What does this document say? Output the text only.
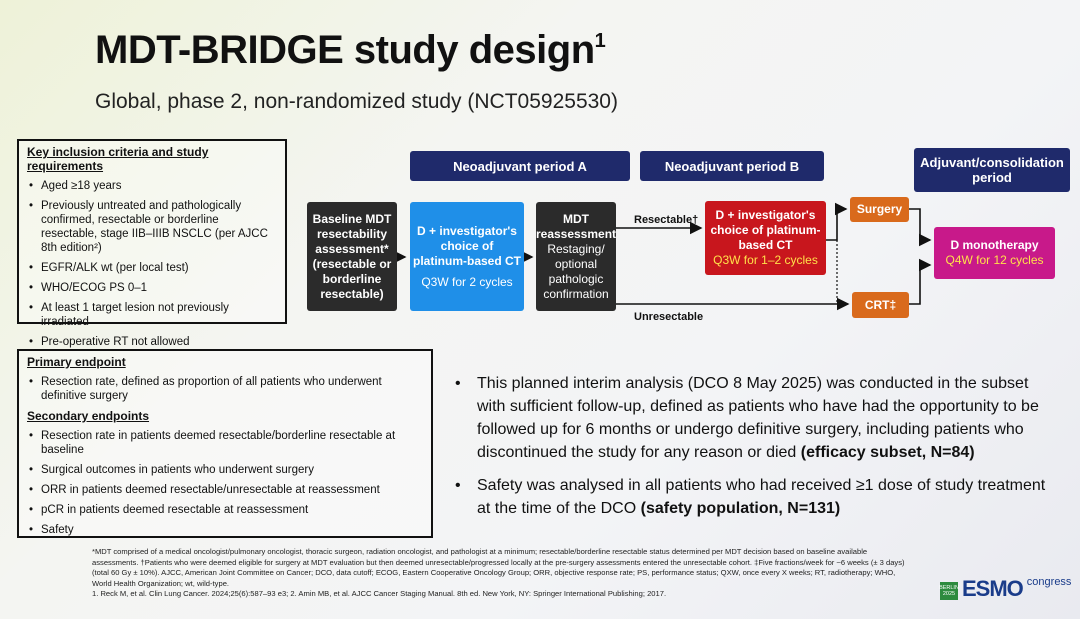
MDT-BRIDGE study design$^1$
Global, phase 2, non-randomized study (NCT05925530)
Key inclusion criteria and study requirements
• Aged ≥18 years
• Previously untreated and pathologically confirmed, resectable or borderline resectable, stage IIB–IIIB NSCLC (per AJCC 8th edition²)
• EGFR/ALK wt (per local test)
• WHO/ECOG PS 0–1
• At least 1 target lesion not previously irradiated
• Pre-operative RT not allowed
Primary endpoint
• Resection rate, defined as proportion of all patients who underwent definitive surgery
Secondary endpoints
• Resection rate in patients deemed resectable/borderline resectable at baseline
• Surgical outcomes in patients who underwent surgery
• ORR in patients deemed resectable/unresectable at reassessment
• pCR in patients deemed resectable at reassessment
• Safety
Neoadjuvant period A	Neoadjuvant period B	Adjuvant/consolidation period
Baseline MDT resectability assessment* (resectable or borderline resectable)
D + investigator's choice of platinum-based CT
Q3W for 2 cycles
MDT reassessment
Restaging/ optional pathologic confirmation
Resectable†
Unresectable
D + investigator's choice of platinum-based CT
Q3W for 1–2 cycles
Surgery
CRT‡
D monotherapy
Q4W for 12 cycles
• This planned interim analysis (DCO 8 May 2025) was conducted in the subset with sufficient follow-up, defined as patients who have had the opportunity to be followed up for 6 months or undergo definitive surgery, including patients who discontinued the study for any reason or died (efficacy subset, N=84)
• Safety was analysed in all patients who had received ≥1 dose of study treatment at the time of the DCO (safety population, N=131)
*MDT comprised of a medical oncologist/pulmonary oncologist, thoracic surgeon, radiation oncologist, and pathologist at a minimum; resectable/borderline resectable status determined per MDT decision based on baseline available assessments. †Patients who were deemed eligible for surgery at MDT evaluation but then deemed unresectable/progressed locally at the pre-surgery assessments entered the unresectable cohort. ‡Five fractions/week for ~6 weeks (± 3 days) (total 60 Gy ± 10%). AJCC, American Joint Committee on Cancer; DCO, data cutoff; ECOG, Eastern Cooperative Oncology Group; ORR, objective response rate; PS, performance status; QXW, once every X weeks; RT, radiotherapy; WHO, World Health Organization; wt, wild-type.
1. Reck M, et al. Clin Lung Cancer. 2024;25(6):587–93 e3; 2. Amin MB, et al. AJCC Cancer Staging Manual. 8th ed. New York, NY: Springer International Publishing; 2017.
BERLIN 2025 ESMO congress
